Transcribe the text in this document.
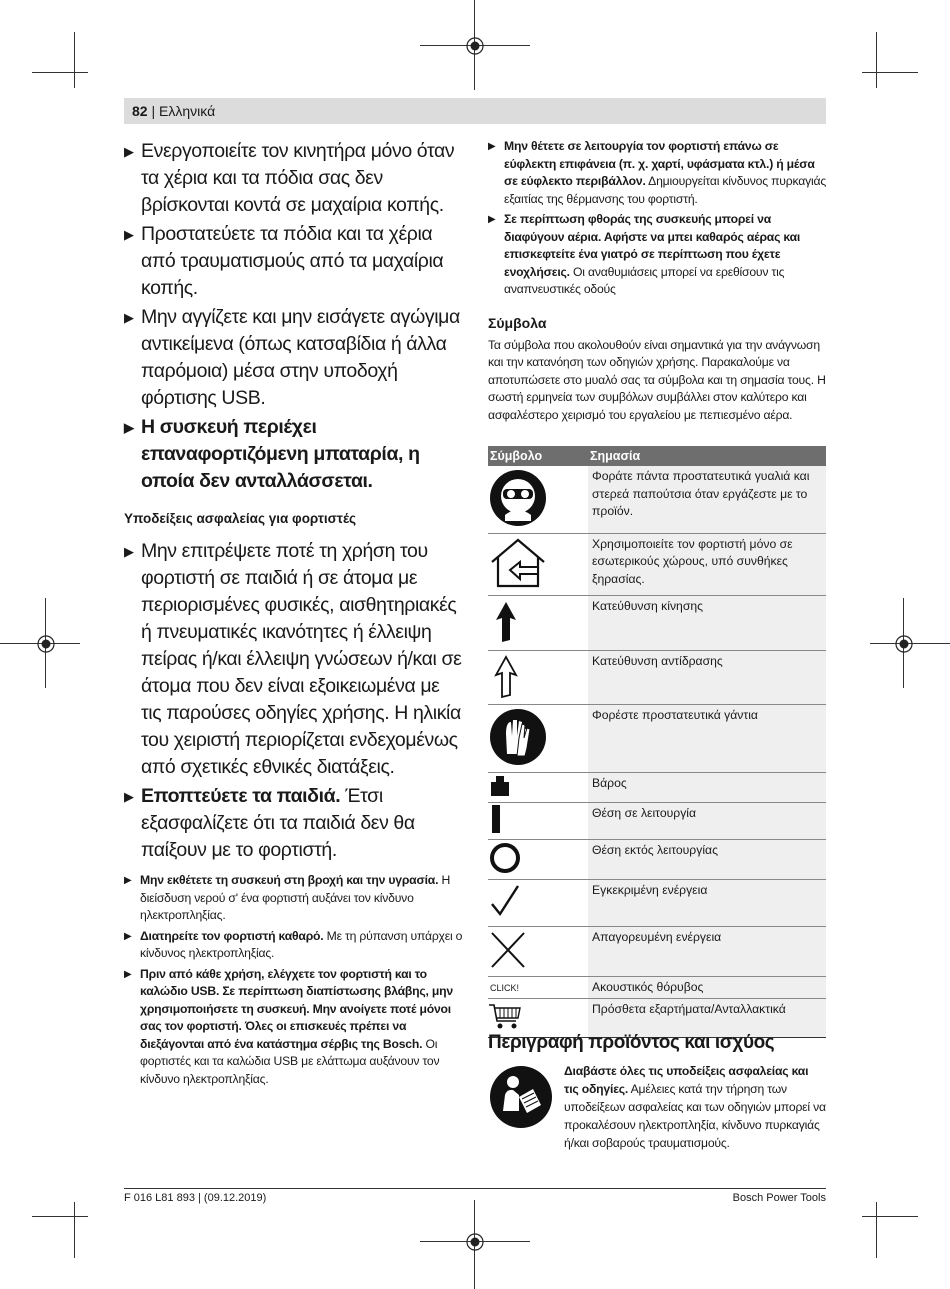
82 | Ελληνικά
▶ Ενεργοποιείτε τον κινητήρα μόνο όταν τα χέρια και τα πόδια σας δεν βρίσκονται κοντά σε μαχαίρια κοπής.
▶ Προστατεύετε τα πόδια και τα χέρια από τραυματισμούς από τα μαχαίρια κοπής.
▶ Μην αγγίζετε και μην εισάγετε αγώγιμα αντικείμενα (όπως κατσαβίδια ή άλλα παρόμοια) μέσα στην υποδοχή φόρτισης USB.
▶ Η συσκευή περιέχει επαναφορτιζόμενη μπαταρία, η οποία δεν ανταλλάσσεται.
Υποδείξεις ασφαλείας για φορτιστές
▶ Μην επιτρέψετε ποτέ τη χρήση του φορτιστή σε παιδιά ή σε άτομα με περιορισμένες φυσικές, αισθητηριακές ή πνευματικές ικανότητες ή έλλειψη πείρας ή/και έλλειψη γνώσεων ή/και σε άτομα που δεν είναι εξοικειωμένα με τις παρούσες οδηγίες χρήσης. Η ηλικία του χειριστή περιορίζεται ενδεχομένως από σχετικές εθνικές διατάξεις.
▶ Εποπτεύετε τα παιδιά. Έτσι εξασφαλίζετε ότι τα παιδιά δεν θα παίξουν με το φορτιστή.
▶ Μην εκθέτετε τη συσκευή στη βροχή και την υγρασία. Η διείσδυση νερού σ' ένα φορτιστή αυξάνει τον κίνδυνο ηλεκτροπληξίας.
▶ Διατηρείτε τον φορτιστή καθαρό. Με τη ρύπανση υπάρχει ο κίνδυνος ηλεκτροπληξίας.
▶ Πριν από κάθε χρήση, ελέγχετε τον φορτιστή και το καλώδιο USB. Σε περίπτωση διαπίστωσης βλάβης, μην χρησιμοποιήσετε τη συσκευή. Μην ανοίγετε ποτέ μόνοι σας τον φορτιστή. Όλες οι επισκευές πρέπει να διεξάγονται από ένα κατάστημα σέρβις της Bosch. Οι φορτιστές και τα καλώδια USB με ελάττωμα αυξάνουν τον κίνδυνο ηλεκτροπληξίας.
▶ Μην θέτετε σε λειτουργία τον φορτιστή επάνω σε εύφλεκτη επιφάνεια (π. χ. χαρτί, υφάσματα κτλ.) ή μέσα σε εύφλεκτο περιβάλλον. Δημιουργείται κίνδυνος πυρκαγιάς εξαιτίας της θέρμανσης του φορτιστή.
▶ Σε περίπτωση φθοράς της συσκευής μπορεί να διαφύγουν αέρια. Αφήστε να μπει καθαρός αέρας και επισκεφτείτε ένα γιατρό σε περίπτωση που έχετε ενοχλήσεις. Οι αναθυμιάσεις μπορεί να ερεθίσουν τις αναπνευστικές οδούς
Σύμβολα
Τα σύμβολα που ακολουθούν είναι σημαντικά για την ανάγνωση και την κατανόηση των οδηγιών χρήσης. Παρακαλούμε να αποτυπώσετε στο μυαλό σας τα σύμβολα και τη σημασία τους. Η σωστή ερμηνεία των συμβόλων συμβάλλει στον καλύτερο και ασφαλέστερο χειρισμό του εργαλείου με πεπιεσμένο αέρα.
Σύμβολο	Σημασία
	Φοράτε πάντα προστατευτικά γυαλιά και στερεά παπούτσια όταν εργάζεστε με το προϊόν.
	Χρησιμοποιείτε τον φορτιστή μόνο σε εσωτερικούς χώρους, υπό συνθήκες ξηρασίας.
	Κατεύθυνση κίνησης
	Κατεύθυνση αντίδρασης
	Φορέστε προστατευτικά γάντια
	Βάρος
	Θέση σε λειτουργία
	Θέση εκτός λειτουργίας
	Εγκεκριμένη ενέργεια
	Απαγορευμένη ενέργεια
CLICK!	Ακουστικός θόρυβος
	Πρόσθετα εξαρτήματα/Ανταλλακτικά
Περιγραφή προϊόντος και ισχύος
Διαβάστε όλες τις υποδείξεις ασφαλείας και τις οδηγίες. Αμέλειες κατά την τήρηση των υποδείξεων ασφαλείας και των οδηγιών μπορεί να προκαλέσουν ηλεκτροπληξία, κίνδυνο πυρκαγιάς ή/και σοβαρούς τραυματισμούς.
F 016 L81 893 | (09.12.2019)	Bosch Power Tools
